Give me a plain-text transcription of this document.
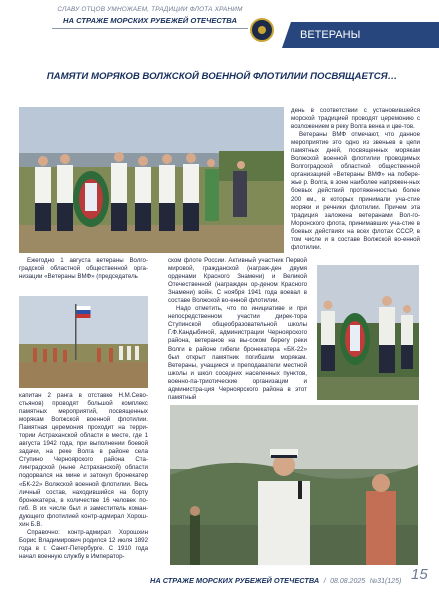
СЛАВУ ОТЦОВ УМНОЖАЕМ, ТРАДИЦИИ ФЛОТА ХРАНИМ
НА СТРАЖЕ МОРСКИХ РУБЕЖЕЙ ОТЕЧЕСТВА
ВЕТЕРАНЫ
ПАМЯТИ МОРЯКОВ ВОЛЖСКОЙ ВОЕННОЙ ФЛОТИЛИИ ПОСВЯЩАЕТСЯ…

Ежегодно 1 августа ветераны Волго-градской областной общественной орга-низации «Ветераны ВМФ» (председатель

капитан 2 ранга в отставке Н.М.Сево-стьянов) проводят большой комплекс памятных мероприятий, посвященных морякам Волжской военной флотилии. Памятная церемония проходит на терри-тории Астраханской области в месте, где 1 августа 1942 года, при выполнении боевой задачи, на реке Волга в районе села Ступино Черноярского района Ста-линградской (ныне Астраханской) области подорвался на мине и затонул бронекатер «БК-22» Волжской военной флотилии. Весь личный состав, находившийся на борту бронекатера, в количестве 16 человек по-гиб. В их числе был и заместитель коман-дующего флотилией контр-адмирал Хорош-хин Б.В.

Справочно: контр-адмирал Хорошхин Борис Владимирович родился 12 июля 1892 года в г. Санкт-Петербурге. С 1910 года начал военную службу в Император-

ском флоте России. Активный участник Первой мировой, гражданской (награж-ден двумя орденами Красного Знамени) и Великой Отечественной (награжден ор-деном Красного Знамени) войн. С ноября 1941 года воевал в составе Волжской во-енной флотилии.

Надо отметить, что по инициативе и при непосредственном участии дирек-тора Ступинской общеобразовательной школы Г.Ф.Кандыбиной, администрации Черноярского района, ветеранов на вы-соком берегу реки Волги в районе гибели бронекатера «БК-22» был открыт памятник погибшим морякам. Ветераны, учащиеся и преподаватели местной школы и школ соседних населенных пунктов, военно-па-триотические организации и администра-ция Черноярского района в этот памятный

день в соответствии с установившейся морской традицией проводят церемонию с возложением в реку Волга венка и цве-тов.

Ветераны ВМФ отмечают, что данное мероприятие это одно из звеньев в цепи памятных дней, посвященных морякам Волжской военной флотилии проводимых Волгоградской областной общественной организацией «Ветераны ВМФ» на побере-жье р. Волга, в зоне наиболее напряжен-ных боевых действий протяженностью более 200 км., в которых принимали уча-стие моряки и речники флотилии. Причем эта традиция заложена ветеранами Вол-го-Моронского флота, принимавших уча-стие в боевых действиях на всех флотах СССР, в том числе и в составе Волжской во-енной флотилии.

НА СТРАЖЕ МОРСКИХ РУБЕЖЕЙ ОТЕЧЕСТВА / 08.08.2025 №31(125) 15
